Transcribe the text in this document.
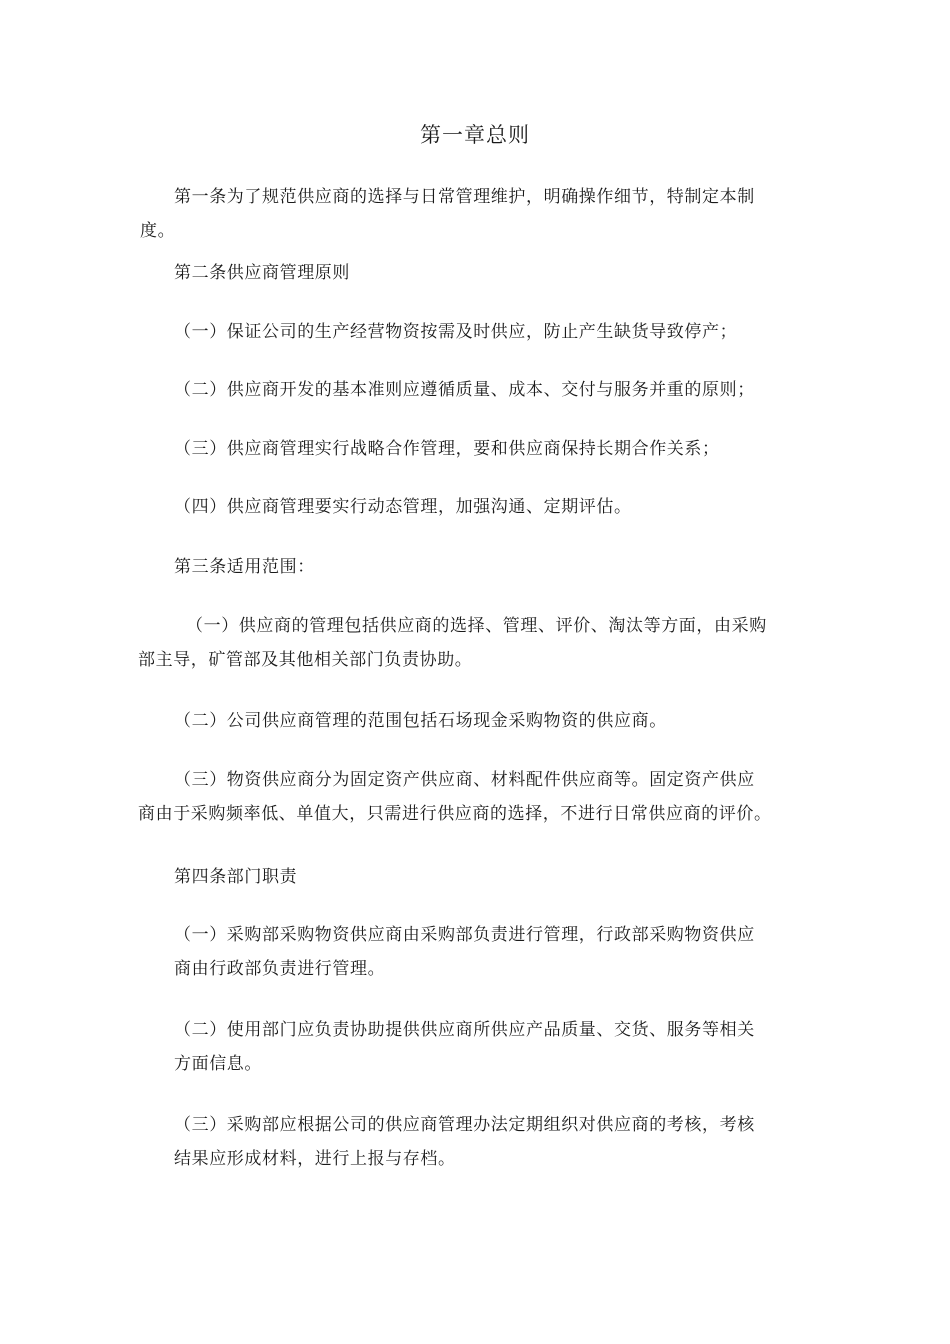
第一章总则
第一条为了规范供应商的选择与日常管理维护，明确操作细节，特制定本制
度。
第二条供应商管理原则
（一）保证公司的生产经营物资按需及时供应，防止产生缺货导致停产；
（二）供应商开发的基本准则应遵循质量、成本、交付与服务并重的原则；
（三）供应商管理实行战略合作管理，要和供应商保持长期合作关系；
（四）供应商管理要实行动态管理，加强沟通、定期评估。
第三条适用范围：
（一）供应商的管理包括供应商的选择、管理、评价、淘汰等方面，由采购
部主导，矿管部及其他相关部门负责协助。
（二）公司供应商管理的范围包括石场现金采购物资的供应商。
（三）物资供应商分为固定资产供应商、材料配件供应商等。固定资产供应
商由于采购频率低、单值大，只需进行供应商的选择，不进行日常供应商的评价。
第四条部门职责
（一）采购部采购物资供应商由采购部负责进行管理，行政部采购物资供应
商由行政部负责进行管理。
（二）使用部门应负责协助提供供应商所供应产品质量、交货、服务等相关
方面信息。
（三）采购部应根据公司的供应商管理办法定期组织对供应商的考核，考核
结果应形成材料，进行上报与存档。
